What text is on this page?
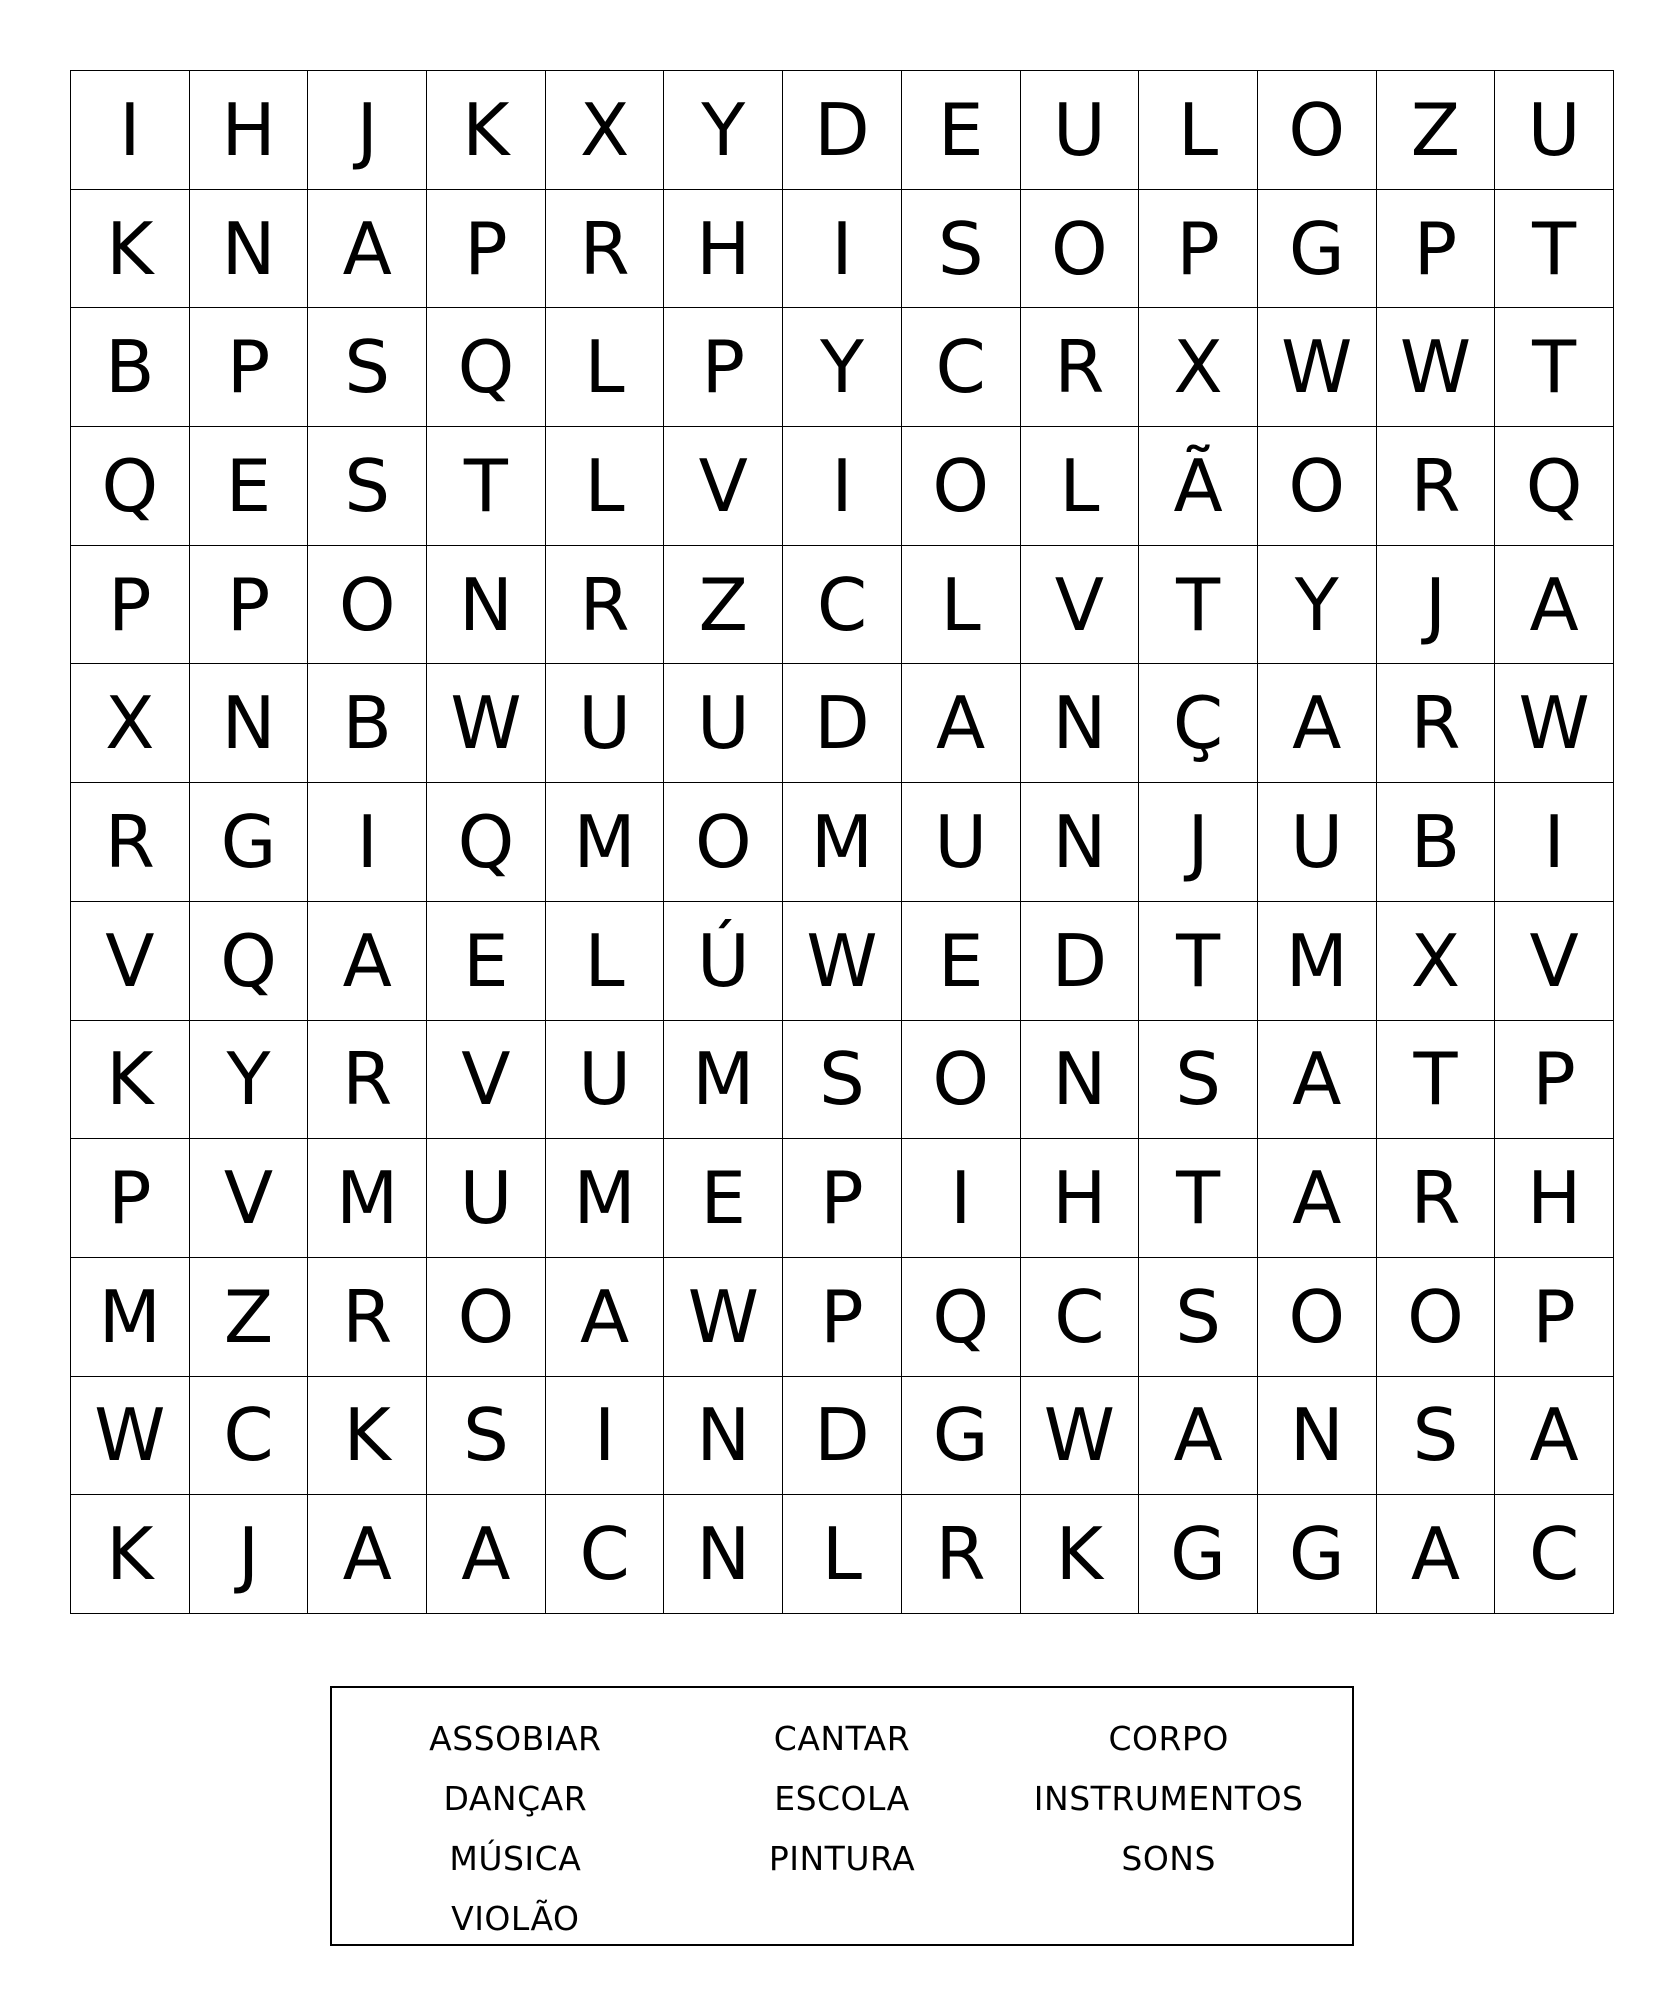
I	H	J	K X	Y D E U	L O Z U
K N A	P R H	I	S O P G P	T
B	P	S Q L	P	Y C R X W W T
Q E	S	T	L	V	I	O L	Ã O R Q
P	P O N R Z C	L	V	T	Y	J	A
X N B W U U D A N Ç A R W
R G	I	Q M O M U N	J	U B	I
V Q A E	L	Ú W E D T M X V
K	Y R V U M S O N S A	T	P
P	V M U M E	P	I	H T	A R H
M Z R O A W P Q C S O O P
W C K	S	I	N D G W A N S A
K	J	A A C N L	R K G G A C
ASSOBIAR	CANTAR	CORPO
DANÇAR	ESCOLA	INSTRUMENTOS
MÚSICA	PINTURA	SONS
VIOLÃO
